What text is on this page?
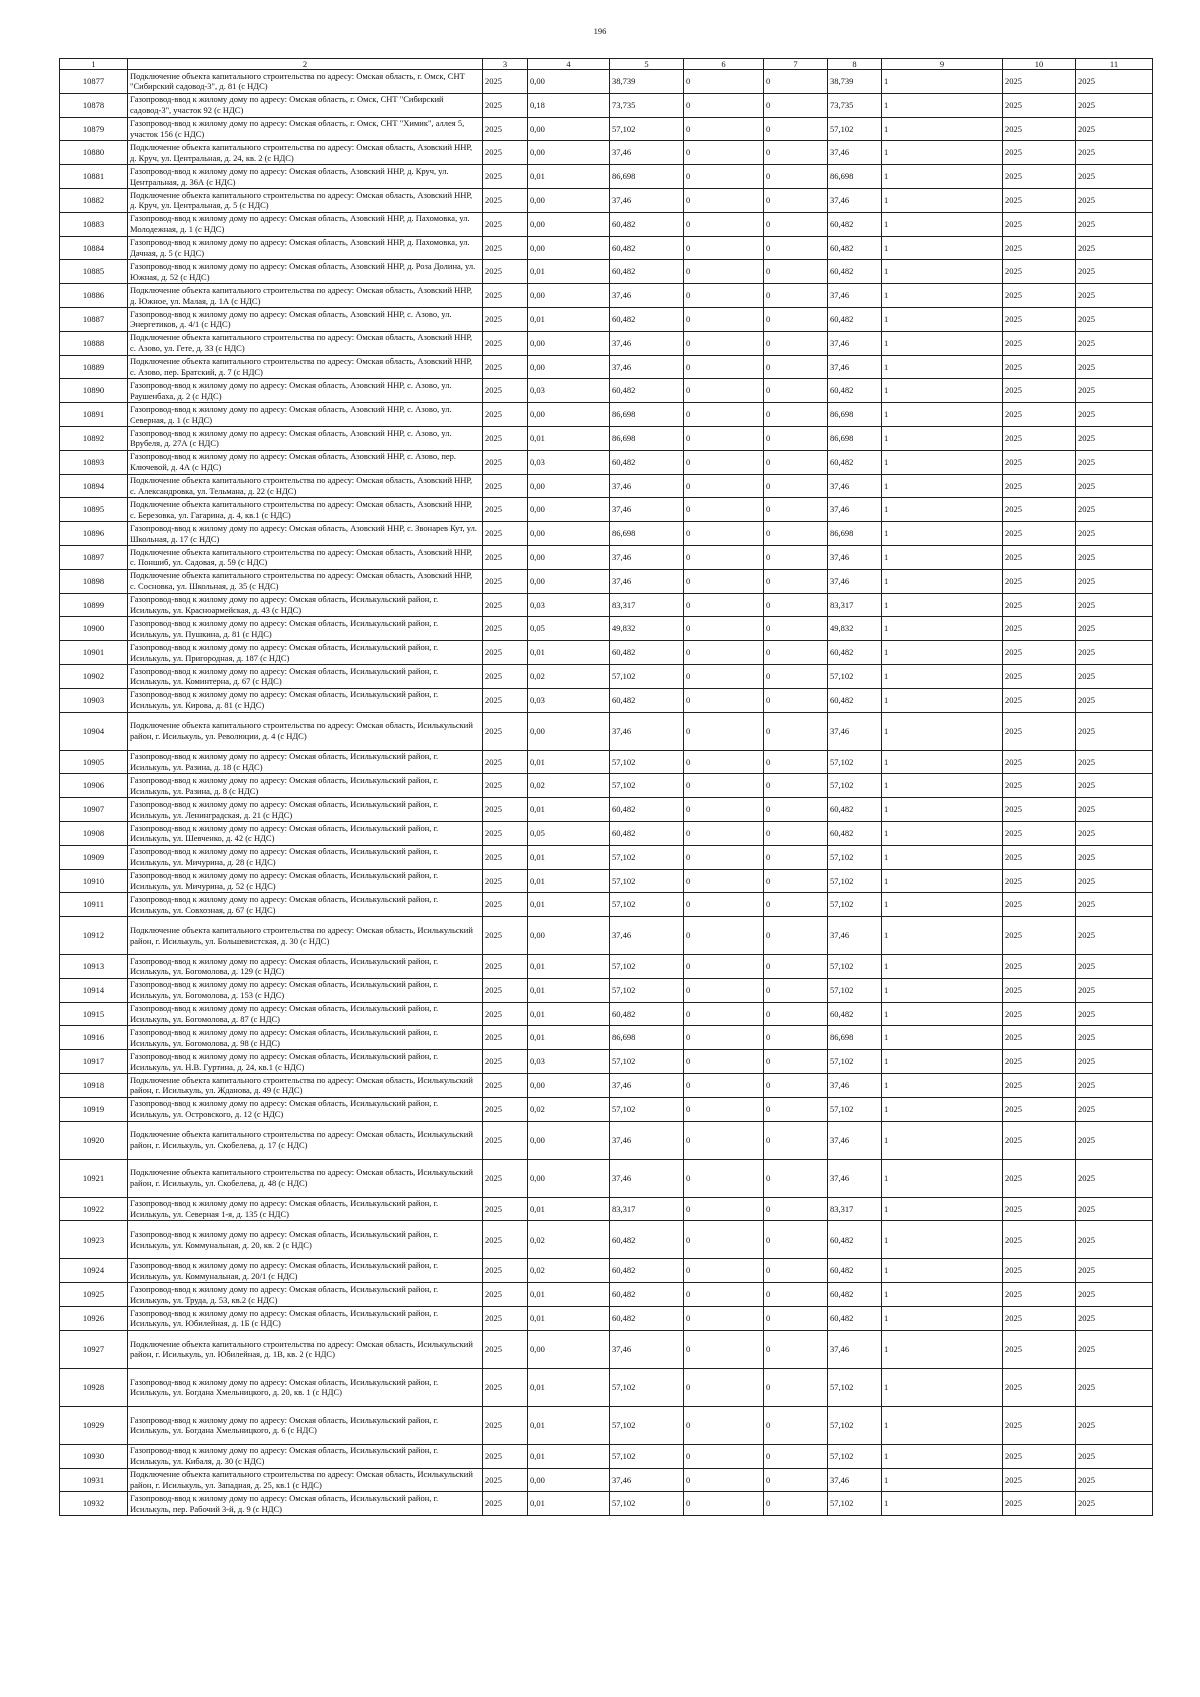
196
1	2	3	4	5	6	7	8	9	10	11
10877	Подключение объекта капитального строительства по адресу: Омская область, г. Омск, СНТ "Сибирский садовод-3", д. 81 (с НДС)	2025	0,00	38,739	0	0	38,739	1	2025	2025
10878	Газопровод-ввод к жилому дому по адресу: Омская область, г. Омск, СНТ "Сибирский садовод-3", участок 92 (с НДС)	2025	0,18	73,735	0	0	73,735	1	2025	2025
10879	Газопровод-ввод к жилому дому по адресу: Омская область, г. Омск, СНТ "Химик", аллея 5, участок 156 (с НДС)	2025	0,00	57,102	0	0	57,102	1	2025	2025
10880	Подключение объекта капитального строительства по адресу: Омская область, Азовский ННР, д. Круч, ул. Центральная, д. 24, кв. 2 (с НДС)	2025	0,00	37,46	0	0	37,46	1	2025	2025
10881	Газопровод-ввод к жилому дому по адресу: Омская область, Азовский ННР, д. Круч, ул. Центральная, д. 36А (с НДС)	2025	0,01	86,698	0	0	86,698	1	2025	2025
10882	Подключение объекта капитального строительства по адресу: Омская область, Азовский ННР, д. Круч, ул. Центральная, д. 5 (с НДС)	2025	0,00	37,46	0	0	37,46	1	2025	2025
10883	Газопровод-ввод к жилому дому по адресу: Омская область, Азовский ННР, д. Пахомовка, ул. Молодежная, д. 1 (с НДС)	2025	0,00	60,482	0	0	60,482	1	2025	2025
10884	Газопровод-ввод к жилому дому по адресу: Омская область, Азовский ННР, д. Пахомовка, ул. Дачная, д. 5 (с НДС)	2025	0,00	60,482	0	0	60,482	1	2025	2025
10885	Газопровод-ввод к жилому дому по адресу: Омская область, Азовский ННР, д. Роза Долина, ул. Южная, д. 52 (с НДС)	2025	0,01	60,482	0	0	60,482	1	2025	2025
10886	Подключение объекта капитального строительства по адресу: Омская область, Азовский ННР, д. Южное, ул. Малая, д. 1А (с НДС)	2025	0,00	37,46	0	0	37,46	1	2025	2025
10887	Газопровод-ввод к жилому дому по адресу: Омская область, Азовский ННР, с. Азово, ул. Энергетиков, д. 4/1 (с НДС)	2025	0,01	60,482	0	0	60,482	1	2025	2025
10888	Подключение объекта капитального строительства по адресу: Омская область, Азовский ННР, с. Азово, ул. Гете, д. 33 (с НДС)	2025	0,00	37,46	0	0	37,46	1	2025	2025
10889	Подключение объекта капитального строительства по адресу: Омская область, Азовский ННР, с. Азово, пер. Братский, д. 7 (с НДС)	2025	0,00	37,46	0	0	37,46	1	2025	2025
10890	Газопровод-ввод к жилому дому по адресу: Омская область, Азовский ННР, с. Азово, ул. Раушенбаха, д. 2 (с НДС)	2025	0,03	60,482	0	0	60,482	1	2025	2025
10891	Газопровод-ввод к жилому дому по адресу: Омская область, Азовский ННР, с. Азово, ул. Северная, д. 1 (с НДС)	2025	0,00	86,698	0	0	86,698	1	2025	2025
10892	Газопровод-ввод к жилому дому по адресу: Омская область, Азовский ННР, с. Азово, ул. Врубеля, д. 27А (с НДС)	2025	0,01	86,698	0	0	86,698	1	2025	2025
10893	Газопровод-ввод к жилому дому по адресу: Омская область, Азовский ННР, с. Азово, пер. Ключевой, д. 4А (с НДС)	2025	0,03	60,482	0	0	60,482	1	2025	2025
10894	Подключение объекта капитального строительства по адресу: Омская область, Азовский ННР, с. Александровка, ул. Тельмана, д. 22 (с НДС)	2025	0,00	37,46	0	0	37,46	1	2025	2025
10895	Подключение объекта капитального строительства по адресу: Омская область, Азовский ННР, с. Березовка, ул. Гагарина, д. 4, кв.1 (с НДС)	2025	0,00	37,46	0	0	37,46	1	2025	2025
10896	Газопровод-ввод к жилому дому по адресу: Омская область, Азовский ННР, с. Звонарев Кут, ул. Школьная, д. 17 (с НДС)	2025	0,00	86,698	0	0	86,698	1	2025	2025
10897	Подключение объекта капитального строительства по адресу: Омская область, Азовский ННР, с. Поншиб, ул. Садовая, д. 59 (с НДС)	2025	0,00	37,46	0	0	37,46	1	2025	2025
10898	Подключение объекта капитального строительства по адресу: Омская область, Азовский ННР, с. Сосновка, ул. Школьная, д. 35 (с НДС)	2025	0,00	37,46	0	0	37,46	1	2025	2025
10899	Газопровод-ввод к жилому дому по адресу: Омская область, Исилькульский район, г. Исилькуль, ул. Красноармейская, д. 43 (с НДС)	2025	0,03	83,317	0	0	83,317	1	2025	2025
10900	Газопровод-ввод к жилому дому по адресу: Омская область, Исилькульский район, г. Исилькуль, ул. Пушкина, д. 81 (с НДС)	2025	0,05	49,832	0	0	49,832	1	2025	2025
10901	Газопровод-ввод к жилому дому по адресу: Омская область, Исилькульский район, г. Исилькуль, ул. Пригородная, д. 187 (с НДС)	2025	0,01	60,482	0	0	60,482	1	2025	2025
10902	Газопровод-ввод к жилому дому по адресу: Омская область, Исилькульский район, г. Исилькуль, ул. Коминтерна, д. 67 (с НДС)	2025	0,02	57,102	0	0	57,102	1	2025	2025
10903	Газопровод-ввод к жилому дому по адресу: Омская область, Исилькульский район, г. Исилькуль, ул. Кирова, д. 81 (с НДС)	2025	0,03	60,482	0	0	60,482	1	2025	2025
10904	Подключение объекта капитального строительства по адресу: Омская область, Исилькульский район, г. Исилькуль, ул. Революции, д. 4 (с НДС)	2025	0,00	37,46	0	0	37,46	1	2025	2025
10905	Газопровод-ввод к жилому дому по адресу: Омская область, Исилькульский район, г. Исилькуль, ул. Разина, д. 18 (с НДС)	2025	0,01	57,102	0	0	57,102	1	2025	2025
10906	Газопровод-ввод к жилому дому по адресу: Омская область, Исилькульский район, г. Исилькуль, ул. Разина, д. 8 (с НДС)	2025	0,02	57,102	0	0	57,102	1	2025	2025
10907	Газопровод-ввод к жилому дому по адресу: Омская область, Исилькульский район, г. Исилькуль, ул. Ленинградская, д. 21 (с НДС)	2025	0,01	60,482	0	0	60,482	1	2025	2025
10908	Газопровод-ввод к жилому дому по адресу: Омская область, Исилькульский район, г. Исилькуль, ул. Шевченко, д. 42 (с НДС)	2025	0,05	60,482	0	0	60,482	1	2025	2025
10909	Газопровод-ввод к жилому дому по адресу: Омская область, Исилькульский район, г. Исилькуль, ул. Мичурина, д. 28 (с НДС)	2025	0,01	57,102	0	0	57,102	1	2025	2025
10910	Газопровод-ввод к жилому дому по адресу: Омская область, Исилькульский район, г. Исилькуль, ул. Мичурина, д. 52 (с НДС)	2025	0,01	57,102	0	0	57,102	1	2025	2025
10911	Газопровод-ввод к жилому дому по адресу: Омская область, Исилькульский район, г. Исилькуль, ул. Совхозная, д. 67 (с НДС)	2025	0,01	57,102	0	0	57,102	1	2025	2025
10912	Подключение объекта капитального строительства по адресу: Омская область, Исилькульский район, г. Исилькуль, ул. Большевистская, д. 30 (с НДС)	2025	0,00	37,46	0	0	37,46	1	2025	2025
10913	Газопровод-ввод к жилому дому по адресу: Омская область, Исилькульский район, г. Исилькуль, ул. Богомолова, д. 129 (с НДС)	2025	0,01	57,102	0	0	57,102	1	2025	2025
10914	Газопровод-ввод к жилому дому по адресу: Омская область, Исилькульский район, г. Исилькуль, ул. Богомолова, д. 153 (с НДС)	2025	0,01	57,102	0	0	57,102	1	2025	2025
10915	Газопровод-ввод к жилому дому по адресу: Омская область, Исилькульский район, г. Исилькуль, ул. Богомолова, д. 87 (с НДС)	2025	0,01	60,482	0	0	60,482	1	2025	2025
10916	Газопровод-ввод к жилому дому по адресу: Омская область, Исилькульский район, г. Исилькуль, ул. Богомолова, д. 98 (с НДС)	2025	0,01	86,698	0	0	86,698	1	2025	2025
10917	Газопровод-ввод к жилому дому по адресу: Омская область, Исилькульский район, г. Исилькуль, ул. Н.В. Гуртина, д. 24, кв.1 (с НДС)	2025	0,03	57,102	0	0	57,102	1	2025	2025
10918	Подключение объекта капитального строительства по адресу: Омская область, Исилькульский район, г. Исилькуль, ул. Жданова, д. 49 (с НДС)	2025	0,00	37,46	0	0	37,46	1	2025	2025
10919	Газопровод-ввод к жилому дому по адресу: Омская область, Исилькульский район, г. Исилькуль, ул. Островского, д. 12 (с НДС)	2025	0,02	57,102	0	0	57,102	1	2025	2025
10920	Подключение объекта капитального строительства по адресу: Омская область, Исилькульский район, г. Исилькуль, ул. Скобелева, д. 17 (с НДС)	2025	0,00	37,46	0	0	37,46	1	2025	2025
10921	Подключение объекта капитального строительства по адресу: Омская область, Исилькульский район, г. Исилькуль, ул. Скобелева, д. 48 (с НДС)	2025	0,00	37,46	0	0	37,46	1	2025	2025
10922	Газопровод-ввод к жилому дому по адресу: Омская область, Исилькульский район, г. Исилькуль, ул. Северная 1-я, д. 135 (с НДС)	2025	0,01	83,317	0	0	83,317	1	2025	2025
10923	Газопровод-ввод к жилому дому по адресу: Омская область, Исилькульский район, г. Исилькуль, ул. Коммунальная, д. 20, кв. 2 (с НДС)	2025	0,02	60,482	0	0	60,482	1	2025	2025
10924	Газопровод-ввод к жилому дому по адресу: Омская область, Исилькульский район, г. Исилькуль, ул. Коммунальная, д. 20/1 (с НДС)	2025	0,02	60,482	0	0	60,482	1	2025	2025
10925	Газопровод-ввод к жилому дому по адресу: Омская область, Исилькульский район, г. Исилькуль, ул. Труда, д. 53, кв.2 (с НДС)	2025	0,01	60,482	0	0	60,482	1	2025	2025
10926	Газопровод-ввод к жилому дому по адресу: Омская область, Исилькульский район, г. Исилькуль, ул. Юбилейная, д. 1Б (с НДС)	2025	0,01	60,482	0	0	60,482	1	2025	2025
10927	Подключение объекта капитального строительства по адресу: Омская область, Исилькульский район, г. Исилькуль, ул. Юбилейная, д. 1В, кв. 2 (с НДС)	2025	0,00	37,46	0	0	37,46	1	2025	2025
10928	Газопровод-ввод к жилому дому по адресу: Омская область, Исилькульский район, г. Исилькуль, ул. Богдана Хмельницкого, д. 20, кв. 1 (с НДС)	2025	0,01	57,102	0	0	57,102	1	2025	2025
10929	Газопровод-ввод к жилому дому по адресу: Омская область, Исилькульский район, г. Исилькуль, ул. Богдана Хмельницкого, д. 6 (с НДС)	2025	0,01	57,102	0	0	57,102	1	2025	2025
10930	Газопровод-ввод к жилому дому по адресу: Омская область, Исилькульский район, г. Исилькуль, ул. Кибаля, д. 30 (с НДС)	2025	0,01	57,102	0	0	57,102	1	2025	2025
10931	Подключение объекта капитального строительства по адресу: Омская область, Исилькульский район, г. Исилькуль, ул. Западная, д. 25, кв.1 (с НДС)	2025	0,00	37,46	0	0	37,46	1	2025	2025
10932	Газопровод-ввод к жилому дому по адресу: Омская область, Исилькульский район, г. Исилькуль, пер. Рабочий 3-й, д. 9 (с НДС)	2025	0,01	57,102	0	0	57,102	1	2025	2025
